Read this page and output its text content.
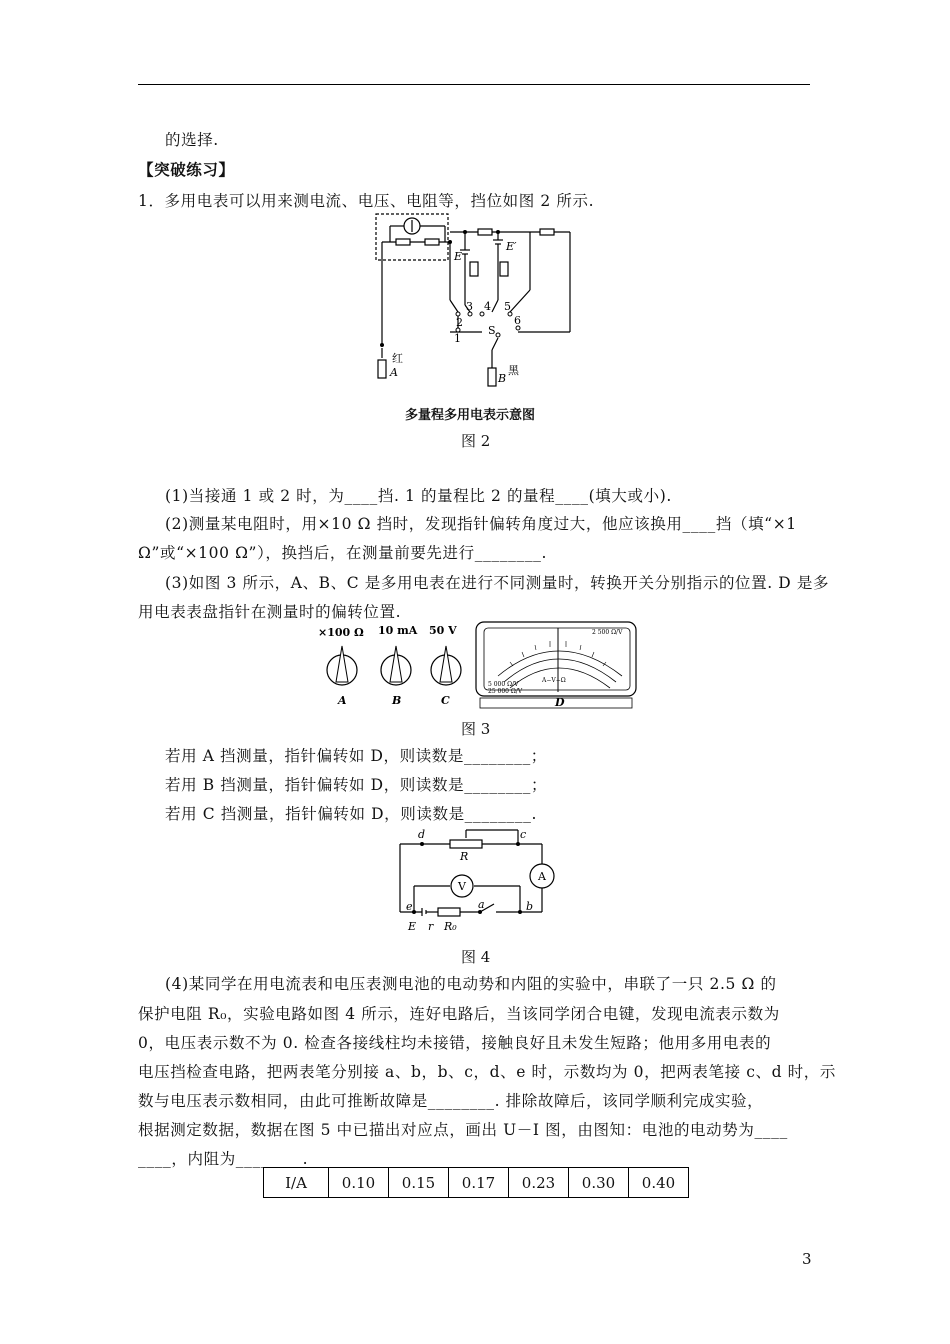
的选择.
【突破练习】
1．多用电表可以用来测电流、电压、电阻等，挡位如图 2 所示.
E
E′
2
3 4 5
6
1
S
红
A	B
黑
多量程多用电表示意图
图 2
(1)当接通 1 或 2 时，为____挡. 1 的量程比 2 的量程____(填大或小).
(2)测量某电阻时，用×10 Ω 挡时，发现指针偏转角度过大，他应该换用____挡（填“×1
Ω”或“×100 Ω”），换挡后，在测量前要先进行________.
(3)如图 3 所示，A、B、C 是多用电表在进行不同测量时，转换开关分别指示的位置. D 是多
用电表表盘指针在测量时的偏转位置.
×100 Ω 10 mA 50 V
A	B	C	D
A−V−Ω
2 500 Ω/V
5 000 Ω/V
25 000 Ω/V
图 3
若用 A 挡测量，指针偏转如 D，则读数是________；
若用 B 挡测量，指针偏转如 D，则读数是________；
若用 C 挡测量，指针偏转如 D，则读数是________.
d	c
R
A
V
e	a	b
E r R₀
图 4
(4)某同学在用电流表和电压表测电池的电动势和内阻的实验中，串联了一只 2.5 Ω 的
保护电阻 R₀，实验电路如图 4 所示，连好电路后，当该同学闭合电键，发现电流表示数为
0，电压表示数不为 0. 检查各接线柱均未接错，接触良好且未发生短路；他用多用电表的
电压挡检查电路，把两表笔分别接 a、b，b、c，d、e 时，示数均为 0，把两表笔接 c、d 时，示
数与电压表示数相同，由此可推断故障是________. 排除故障后，该同学顺利完成实验，
根据测定数据，数据在图 5 中已描出对应点，画出 U－I 图，由图知：电池的电动势为____
____，内阻为________.
I/A	0.10	0.15	0.17	0.23	0.30	0.40
3
